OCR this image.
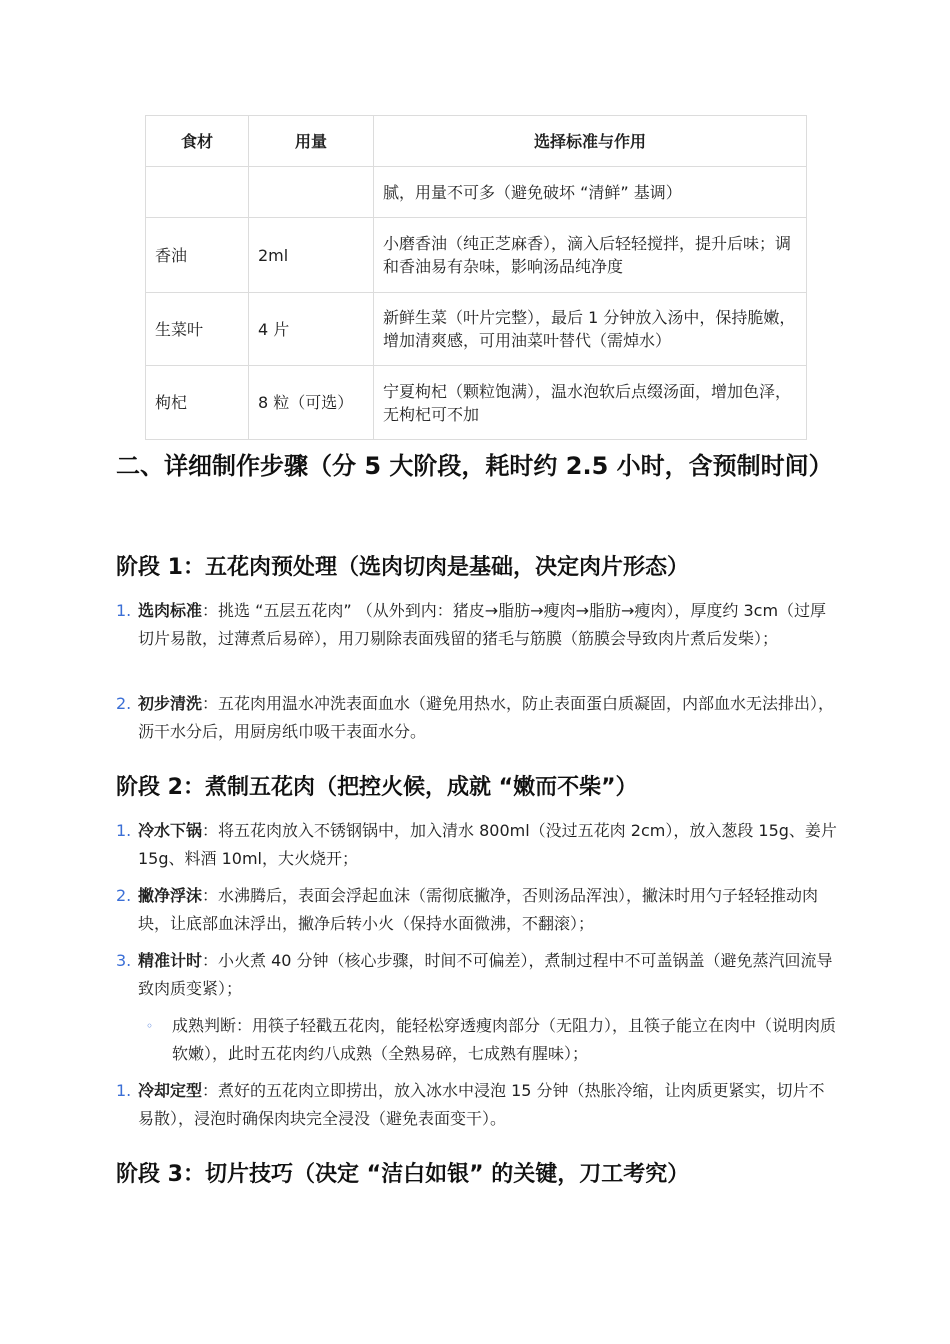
食材	用量	选择标准与作用
		腻，用量不可多（避免破坏 “清鲜” 基调）
香油	2ml	小磨香油（纯正芝麻香），滴入后轻轻搅拌，提升后味；调和香油易有杂味，影响汤品纯净度
生菜叶	4 片	新鲜生菜（叶片完整），最后 1 分钟放入汤中，保持脆嫩，增加清爽感，可用油菜叶替代（需焯水）
枸杞	8 粒（可选）	宁夏枸杞（颗粒饱满），温水泡软后点缀汤面，增加色泽，无枸杞可不加
二、详细制作步骤（分 5 大阶段，耗时约 2.5 小时，含预制时间）
阶段 1：五花肉预处理（选肉切肉是基础，决定肉片形态）
1. 选肉标准：挑选 “五层五花肉” （从外到内：猪皮→脂肪→瘦肉→脂肪→瘦肉），厚度约 3cm（过厚切片易散，过薄煮后易碎），用刀剔除表面残留的猪毛与筋膜（筋膜会导致肉片煮后发柴）；
2. 初步清洗：五花肉用温水冲洗表面血水（避免用热水，防止表面蛋白质凝固，内部血水无法排出），沥干水分后，用厨房纸巾吸干表面水分。
阶段 2：煮制五花肉（把控火候，成就 “嫩而不柴”）
1. 冷水下锅：将五花肉放入不锈钢锅中，加入清水 800ml（没过五花肉 2cm），放入葱段 15g、姜片 15g、料酒 10ml，大火烧开；
2. 撇净浮沫：水沸腾后，表面会浮起血沫（需彻底撇净，否则汤品浑浊），撇沫时用勺子轻轻推动肉块，让底部血沫浮出，撇净后转小火（保持水面微沸，不翻滚）；
3. 精准计时：小火煮 40 分钟（核心步骤，时间不可偏差），煮制过程中不可盖锅盖（避免蒸汽回流导致肉质变紧）；
◦ 成熟判断：用筷子轻戳五花肉，能轻松穿透瘦肉部分（无阻力），且筷子能立在肉中（说明肉质软嫩），此时五花肉约八成熟（全熟易碎，七成熟有腥味）；
1. 冷却定型：煮好的五花肉立即捞出，放入冰水中浸泡 15 分钟（热胀冷缩，让肉质更紧实，切片不易散），浸泡时确保肉块完全浸没（避免表面变干）。
阶段 3：切片技巧（决定 “洁白如银” 的关键，刀工考究）
